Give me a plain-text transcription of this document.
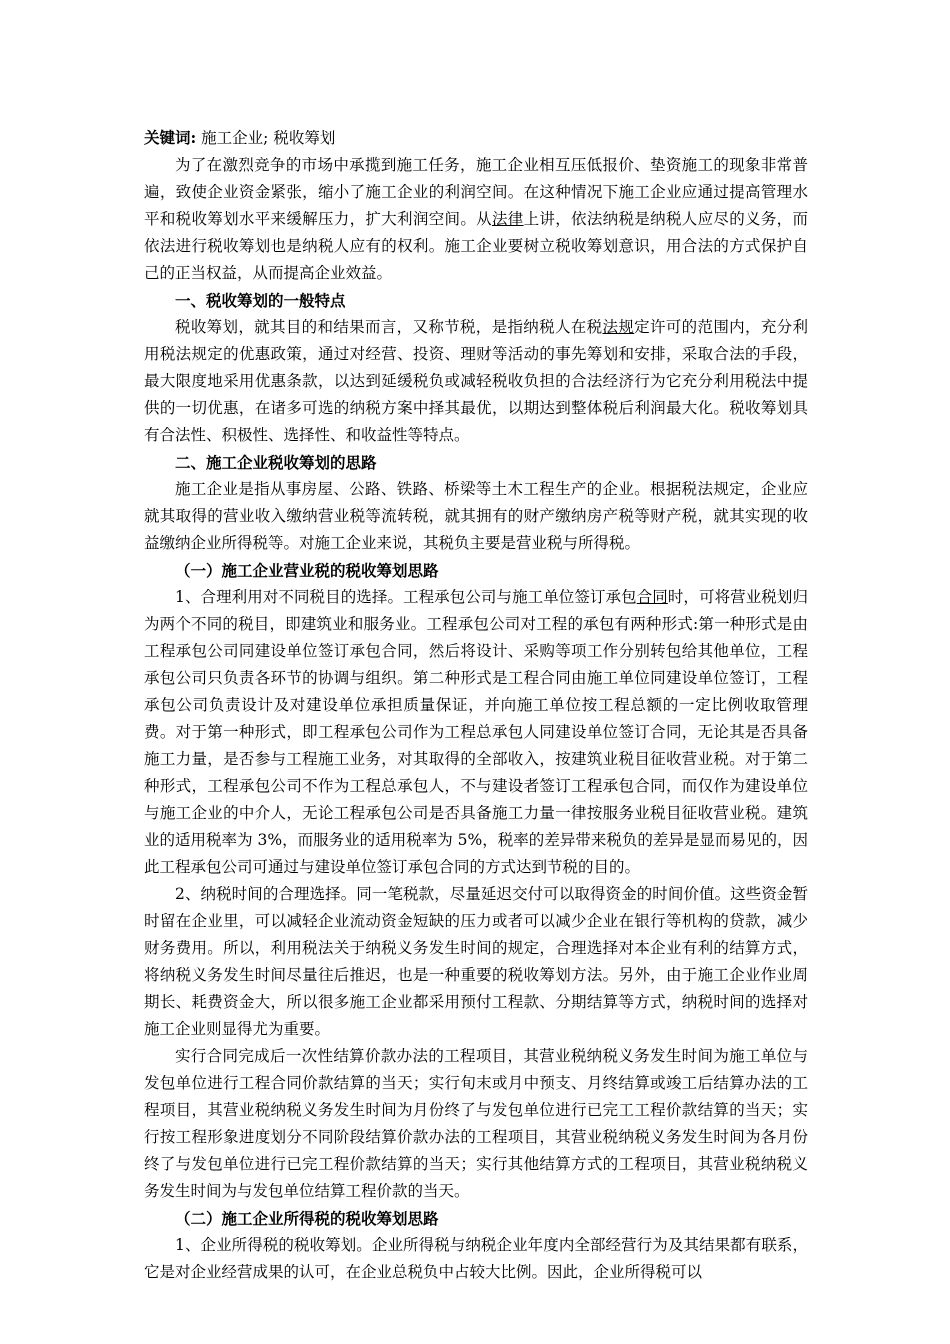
关键词: 施工企业; 税收筹划

为了在激烈竞争的市场中承揽到施工任务，施工企业相互压低报价、垫资施工的现象非常普遍，致使企业资金紧张，缩小了施工企业的利润空间。在这种情况下施工企业应通过提高管理水平和税收筹划水平来缓解压力，扩大利润空间。从法律上讲，依法纳税是纳税人应尽的义务，而依法进行税收筹划也是纳税人应有的权利。施工企业要树立税收筹划意识，用合法的方式保护自己的正当权益，从而提高企业效益。

一、税收筹划的一般特点

税收筹划，就其目的和结果而言，又称节税，是指纳税人在税法规定许可的范围内，充分利用税法规定的优惠政策，通过对经营、投资、理财等活动的事先筹划和安排，采取合法的手段，最大限度地采用优惠条款，以达到延缓税负或减轻税收负担的合法经济行为它充分利用税法中提供的一切优惠，在诸多可选的纳税方案中择其最优，以期达到整体税后利润最大化。税收筹划具有合法性、积极性、选择性、和收益性等特点。

二、施工企业税收筹划的思路

施工企业是指从事房屋、公路、铁路、桥梁等土木工程生产的企业。根据税法规定，企业应就其取得的营业收入缴纳营业税等流转税，就其拥有的财产缴纳房产税等财产税，就其实现的收益缴纳企业所得税等。对施工企业来说，其税负主要是营业税与所得税。

（一）施工企业营业税的税收筹划思路

1、合理利用对不同税目的选择。工程承包公司与施工单位签订承包合同时，可将营业税划归为两个不同的税目，即建筑业和服务业。工程承包公司对工程的承包有两种形式:第一种形式是由工程承包公司同建设单位签订承包合同，然后将设计、采购等项工作分别转包给其他单位，工程承包公司只负责各环节的协调与组织。第二种形式是工程合同由施工单位同建设单位签订，工程承包公司负责设计及对建设单位承担质量保证，并向施工单位按工程总额的一定比例收取管理费。对于第一种形式，即工程承包公司作为工程总承包人同建设单位签订合同，无论其是否具备施工力量，是否参与工程施工业务，对其取得的全部收入，按建筑业税目征收营业税。对于第二种形式，工程承包公司不作为工程总承包人，不与建设者签订工程承包合同，而仅作为建设单位与施工企业的中介人，无论工程承包公司是否具备施工力量一律按服务业税目征收营业税。建筑业的适用税率为 3%，而服务业的适用税率为 5%，税率的差异带来税负的差异是显而易见的，因此工程承包公司可通过与建设单位签订承包合同的方式达到节税的目的。

2、纳税时间的合理选择。同一笔税款，尽量延迟交付可以取得资金的时间价值。这些资金暂时留在企业里，可以减轻企业流动资金短缺的压力或者可以减少企业在银行等机构的贷款，减少财务费用。所以，利用税法关于纳税义务发生时间的规定，合理选择对本企业有利的结算方式，将纳税义务发生时间尽量往后推迟，也是一种重要的税收筹划方法。另外，由于施工企业作业周期长、耗费资金大，所以很多施工企业都采用预付工程款、分期结算等方式，纳税时间的选择对施工企业则显得尤为重要。

实行合同完成后一次性结算价款办法的工程项目，其营业税纳税义务发生时间为施工单位与发包单位进行工程合同价款结算的当天；实行旬末或月中预支、月终结算或竣工后结算办法的工程项目，其营业税纳税义务发生时间为月份终了与发包单位进行已完工工程价款结算的当天；实行按工程形象进度划分不同阶段结算价款办法的工程项目，其营业税纳税义务发生时间为各月份终了与发包单位进行已完工程价款结算的当天；实行其他结算方式的工程项目，其营业税纳税义务发生时间为与发包单位结算工程价款的当天。

（二）施工企业所得税的税收筹划思路

1、企业所得税的税收筹划。企业所得税与纳税企业年度内全部经营行为及其结果都有联系，它是对企业经营成果的认可，在企业总税负中占较大比例。因此，企业所得税可以
